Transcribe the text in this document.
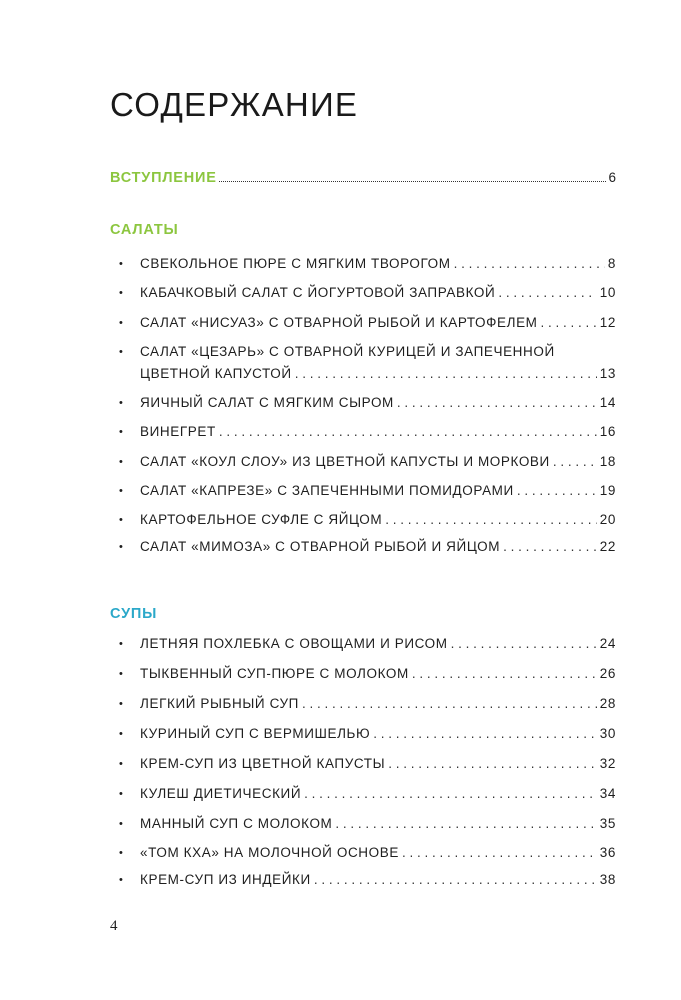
СОДЕРЖАНИЕ
ВСТУПЛЕНИЕ	6
САЛАТЫ
• СВЕКОЛЬНОЕ ПЮРЕ С МЯГКИМ ТВОРОГОМ . . .	8
• КАБАЧКОВЫЙ САЛАТ С ЙОГУРТОВОЙ ЗАПРАВКОЙ . . .	10
• САЛАТ «НИСУАЗ» С ОТВАРНОЙ РЫБОЙ И КАРТОФЕЛЕМ . . .	12
• САЛАТ «ЦЕЗАРЬ» С ОТВАРНОЙ КУРИЦЕЙ И ЗАПЕЧЕННОЙ
ЦВЕТНОЙ КАПУСТОЙ . . .	13
• ЯИЧНЫЙ САЛАТ С МЯГКИМ СЫРОМ . . .	14
• ВИНЕГРЕТ . . .	16
• САЛАТ «КОУЛ СЛОУ» ИЗ ЦВЕТНОЙ КАПУСТЫ И МОРКОВИ . . .	18
• САЛАТ «КАПРЕЗЕ» С ЗАПЕЧЕННЫМИ ПОМИДОРАМИ . . .	19
• КАРТОФЕЛЬНОЕ СУФЛЕ С ЯЙЦОМ . . .	20
• САЛАТ «МИМОЗА» С ОТВАРНОЙ РЫБОЙ И ЯЙЦОМ . . .	22
СУПЫ
• ЛЕТНЯЯ ПОХЛЕБКА С ОВОЩАМИ И РИСОМ . . .	24
• ТЫКВЕННЫЙ СУП-ПЮРЕ С МОЛОКОМ . . .	26
• ЛЕГКИЙ РЫБНЫЙ СУП . . .	28
• КУРИНЫЙ СУП С ВЕРМИШЕЛЬЮ . . .	30
• КРЕМ-СУП ИЗ ЦВЕТНОЙ КАПУСТЫ . . .	32
• КУЛЕШ ДИЕТИЧЕСКИЙ . . .	34
• МАННЫЙ СУП С МОЛОКОМ . . .	35
• «ТОМ КХА» НА МОЛОЧНОЙ ОСНОВЕ . . .	36
• КРЕМ-СУП ИЗ ИНДЕЙКИ . . .	38
4
